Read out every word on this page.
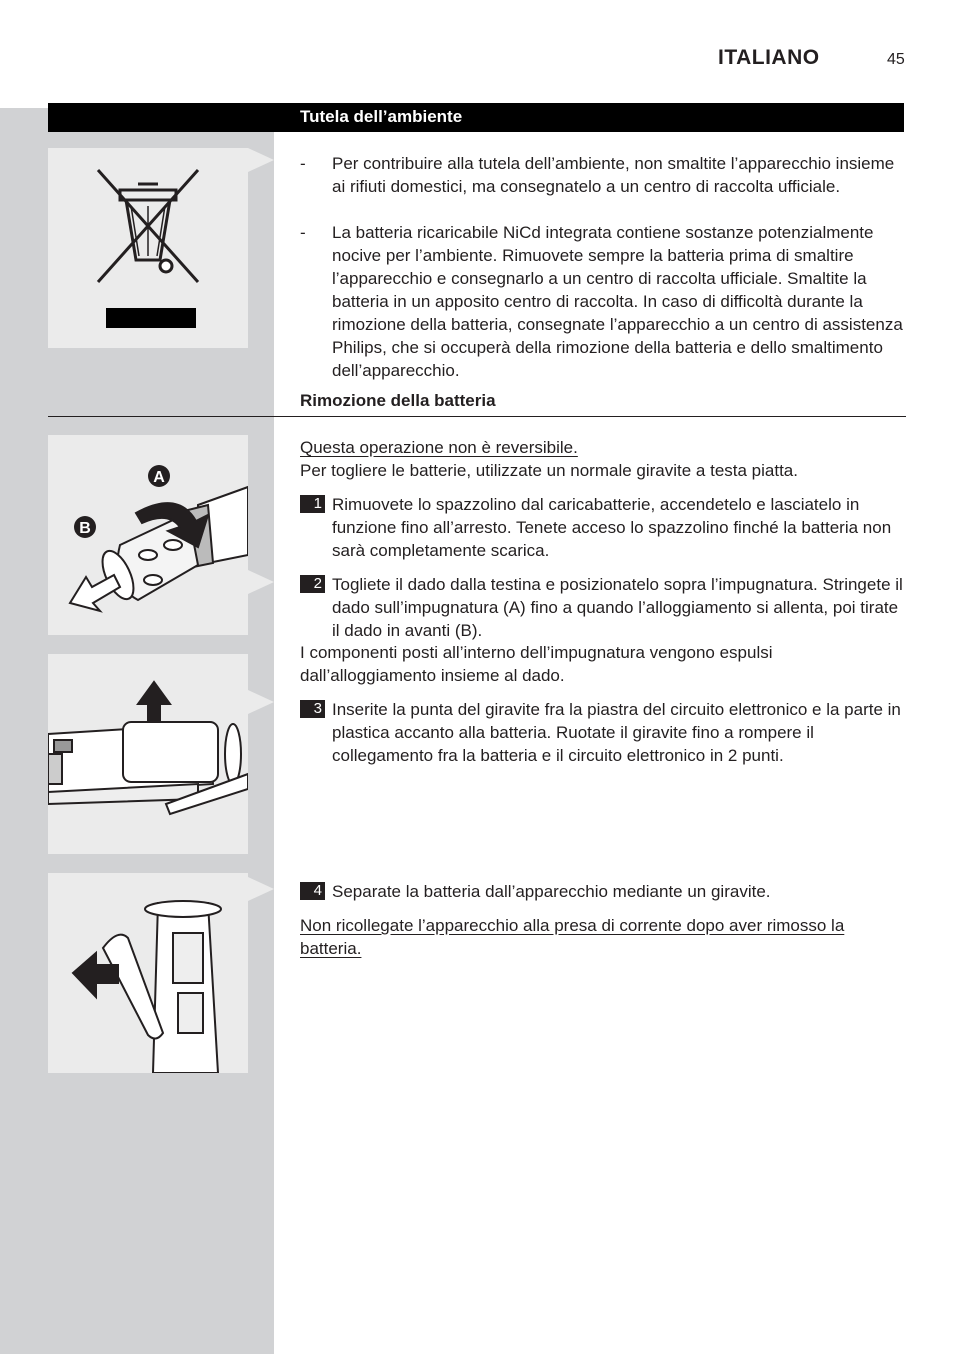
ITALIANO	45
Tutela dell’ambiente
- Per contribuire alla tutela dell’ambiente, non smaltite l’apparecchio insieme ai rifiuti domestici, ma consegnatelo a un centro di raccolta ufficiale.
- La batteria ricaricabile NiCd integrata contiene sostanze potenzialmente nocive per l’ambiente. Rimuovete sempre la batteria prima di smaltire l’apparecchio e consegnarlo a un centro di raccolta ufficiale. Smaltite la batteria in un apposito centro di raccolta. In caso di difficoltà durante la rimozione della batteria, consegnate l’apparecchio a un centro di assistenza Philips, che si occuperà della rimozione della batteria e dello smaltimento dell’apparecchio.
Rimozione della batteria
A
B
Questa operazione non è reversibile.
Per togliere le batterie, utilizzate un normale giravite a testa piatta.
1 Rimuovete lo spazzolino dal caricabatterie, accendetelo e lasciatelo in funzione fino all’arresto. Tenete acceso lo spazzolino finché la batteria non sarà completamente scarica.
2 Togliete il dado dalla testina e posizionatelo sopra l’impugnatura. Stringete il dado sull’impugnatura (A) fino a quando l’alloggiamento si allenta, poi tirate il dado in avanti (B).
I componenti posti all’interno dell’impugnatura vengono espulsi dall’alloggiamento insieme al dado.
3 Inserite la punta del giravite fra la piastra del circuito elettronico e la parte in plastica accanto alla batteria. Ruotate il giravite fino a rompere il collegamento fra la batteria e il circuito elettronico in 2 punti.
4 Separate la batteria dall’apparecchio mediante un giravite.
Non ricollegate l’apparecchio alla presa di corrente dopo aver rimosso la batteria.
